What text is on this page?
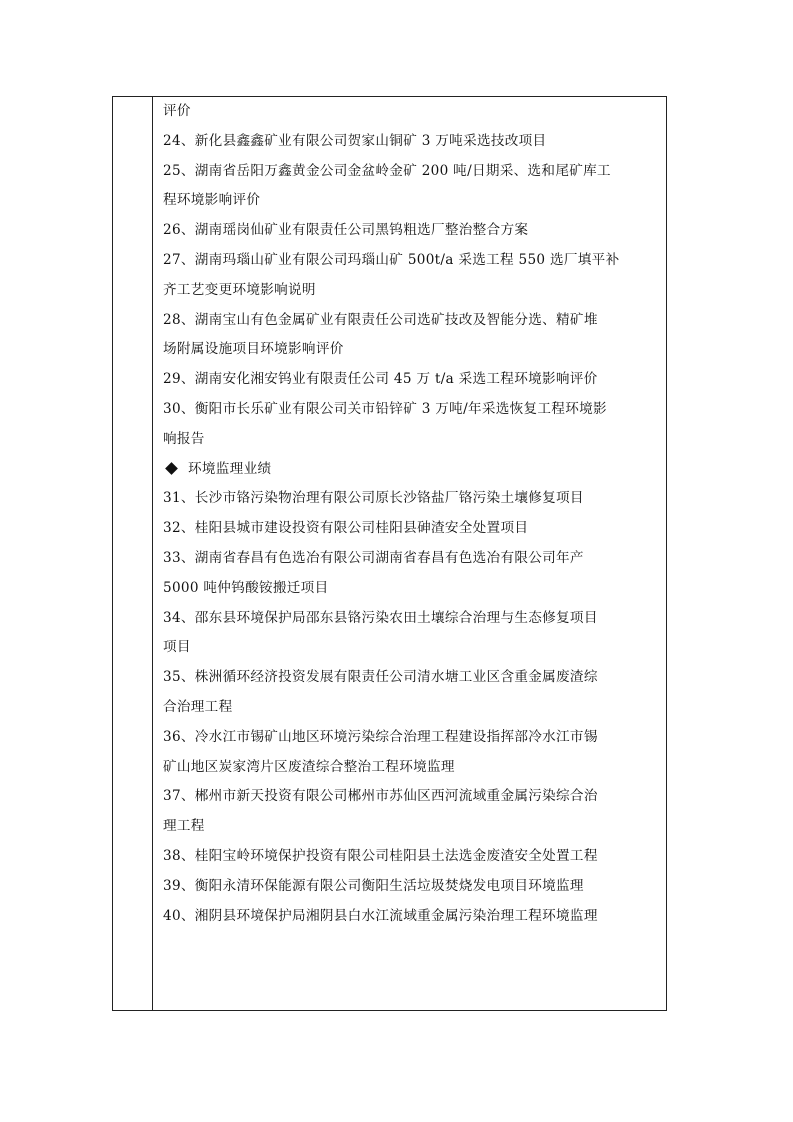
评价
24、新化县鑫鑫矿业有限公司贺家山铜矿 3 万吨采选技改项目
25、湖南省岳阳万鑫黄金公司金盆岭金矿 200 吨/日期采、选和尾矿库工
程环境影响评价
26、湖南瑶岗仙矿业有限责任公司黑钨粗选厂整治整合方案
27、湖南玛瑙山矿业有限公司玛瑙山矿 500t/a 采选工程 550 选厂填平补
齐工艺变更环境影响说明
28、湖南宝山有色金属矿业有限责任公司选矿技改及智能分选、精矿堆
场附属设施项目环境影响评价
29、湖南安化湘安钨业有限责任公司 45 万 t/a 采选工程环境影响评价
30、衡阳市长乐矿业有限公司关市铅锌矿 3 万吨/年采选恢复工程环境影
响报告
环境监理业绩
31、长沙市铬污染物治理有限公司原长沙铬盐厂铬污染土壤修复项目
32、桂阳县城市建设投资有限公司桂阳县砷渣安全处置项目
33、湖南省春昌有色选冶有限公司湖南省春昌有色选冶有限公司年产
5000 吨仲钨酸铵搬迁项目
34、邵东县环境保护局邵东县铬污染农田土壤综合治理与生态修复项目
项目
35、株洲循环经济投资发展有限责任公司清水塘工业区含重金属废渣综
合治理工程
36、冷水江市锡矿山地区环境污染综合治理工程建设指挥部冷水江市锡
矿山地区炭家湾片区废渣综合整治工程环境监理
37、郴州市新天投资有限公司郴州市苏仙区西河流域重金属污染综合治
理工程
38、桂阳宝岭环境保护投资有限公司桂阳县土法选金废渣安全处置工程
39、衡阳永清环保能源有限公司衡阳生活垃圾焚烧发电项目环境监理
40、湘阴县环境保护局湘阴县白水江流域重金属污染治理工程环境监理
